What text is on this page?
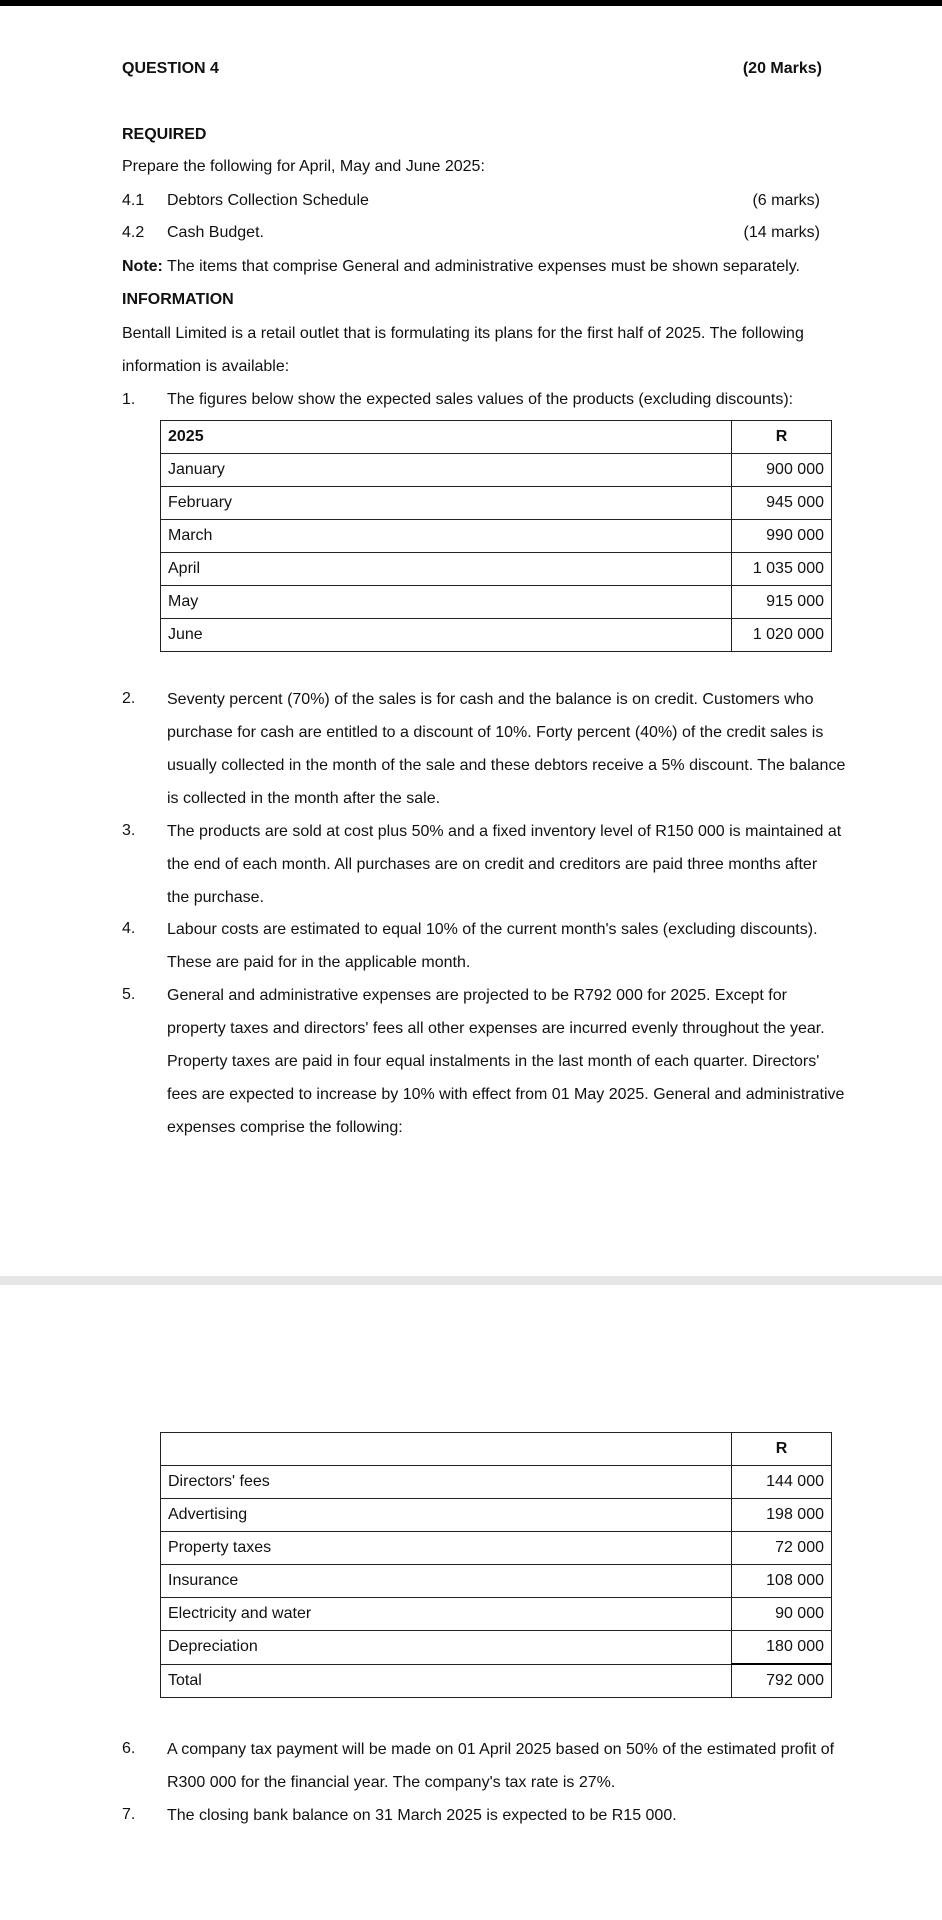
QUESTION 4	(20 Marks)
REQUIRED
Prepare the following for April, May and June 2025:
4.1 Debtors Collection Schedule	(6 marks)
4.2 Cash Budget.	(14 marks)
Note: The items that comprise General and administrative expenses must be shown separately.
INFORMATION
Bentall Limited is a retail outlet that is formulating its plans for the first half of 2025. The following
information is available:
1. The figures below show the expected sales values of the products (excluding discounts):
2025	R
January	900 000
February	945 000
March	990 000
April	1 035 000
May	915 000
June	1 020 000
2. Seventy percent (70%) of the sales is for cash and the balance is on credit. Customers who
purchase for cash are entitled to a discount of 10%. Forty percent (40%) of the credit sales is
usually collected in the month of the sale and these debtors receive a 5% discount. The balance
is collected in the month after the sale.
3. The products are sold at cost plus 50% and a fixed inventory level of R150 000 is maintained at
the end of each month. All purchases are on credit and creditors are paid three months after
the purchase.
4. Labour costs are estimated to equal 10% of the current month's sales (excluding discounts).
These are paid for in the applicable month.
5. General and administrative expenses are projected to be R792 000 for 2025. Except for
property taxes and directors' fees all other expenses are incurred evenly throughout the year.
Property taxes are paid in four equal instalments in the last month of each quarter. Directors'
fees are expected to increase by 10% with effect from 01 May 2025. General and administrative
expenses comprise the following:
	R
Directors' fees	144 000
Advertising	198 000
Property taxes	72 000
Insurance	108 000
Electricity and water	90 000
Depreciation	180 000
Total	792 000
6. A company tax payment will be made on 01 April 2025 based on 50% of the estimated profit of
R300 000 for the financial year. The company's tax rate is 27%.
7. The closing bank balance on 31 March 2025 is expected to be R15 000.
